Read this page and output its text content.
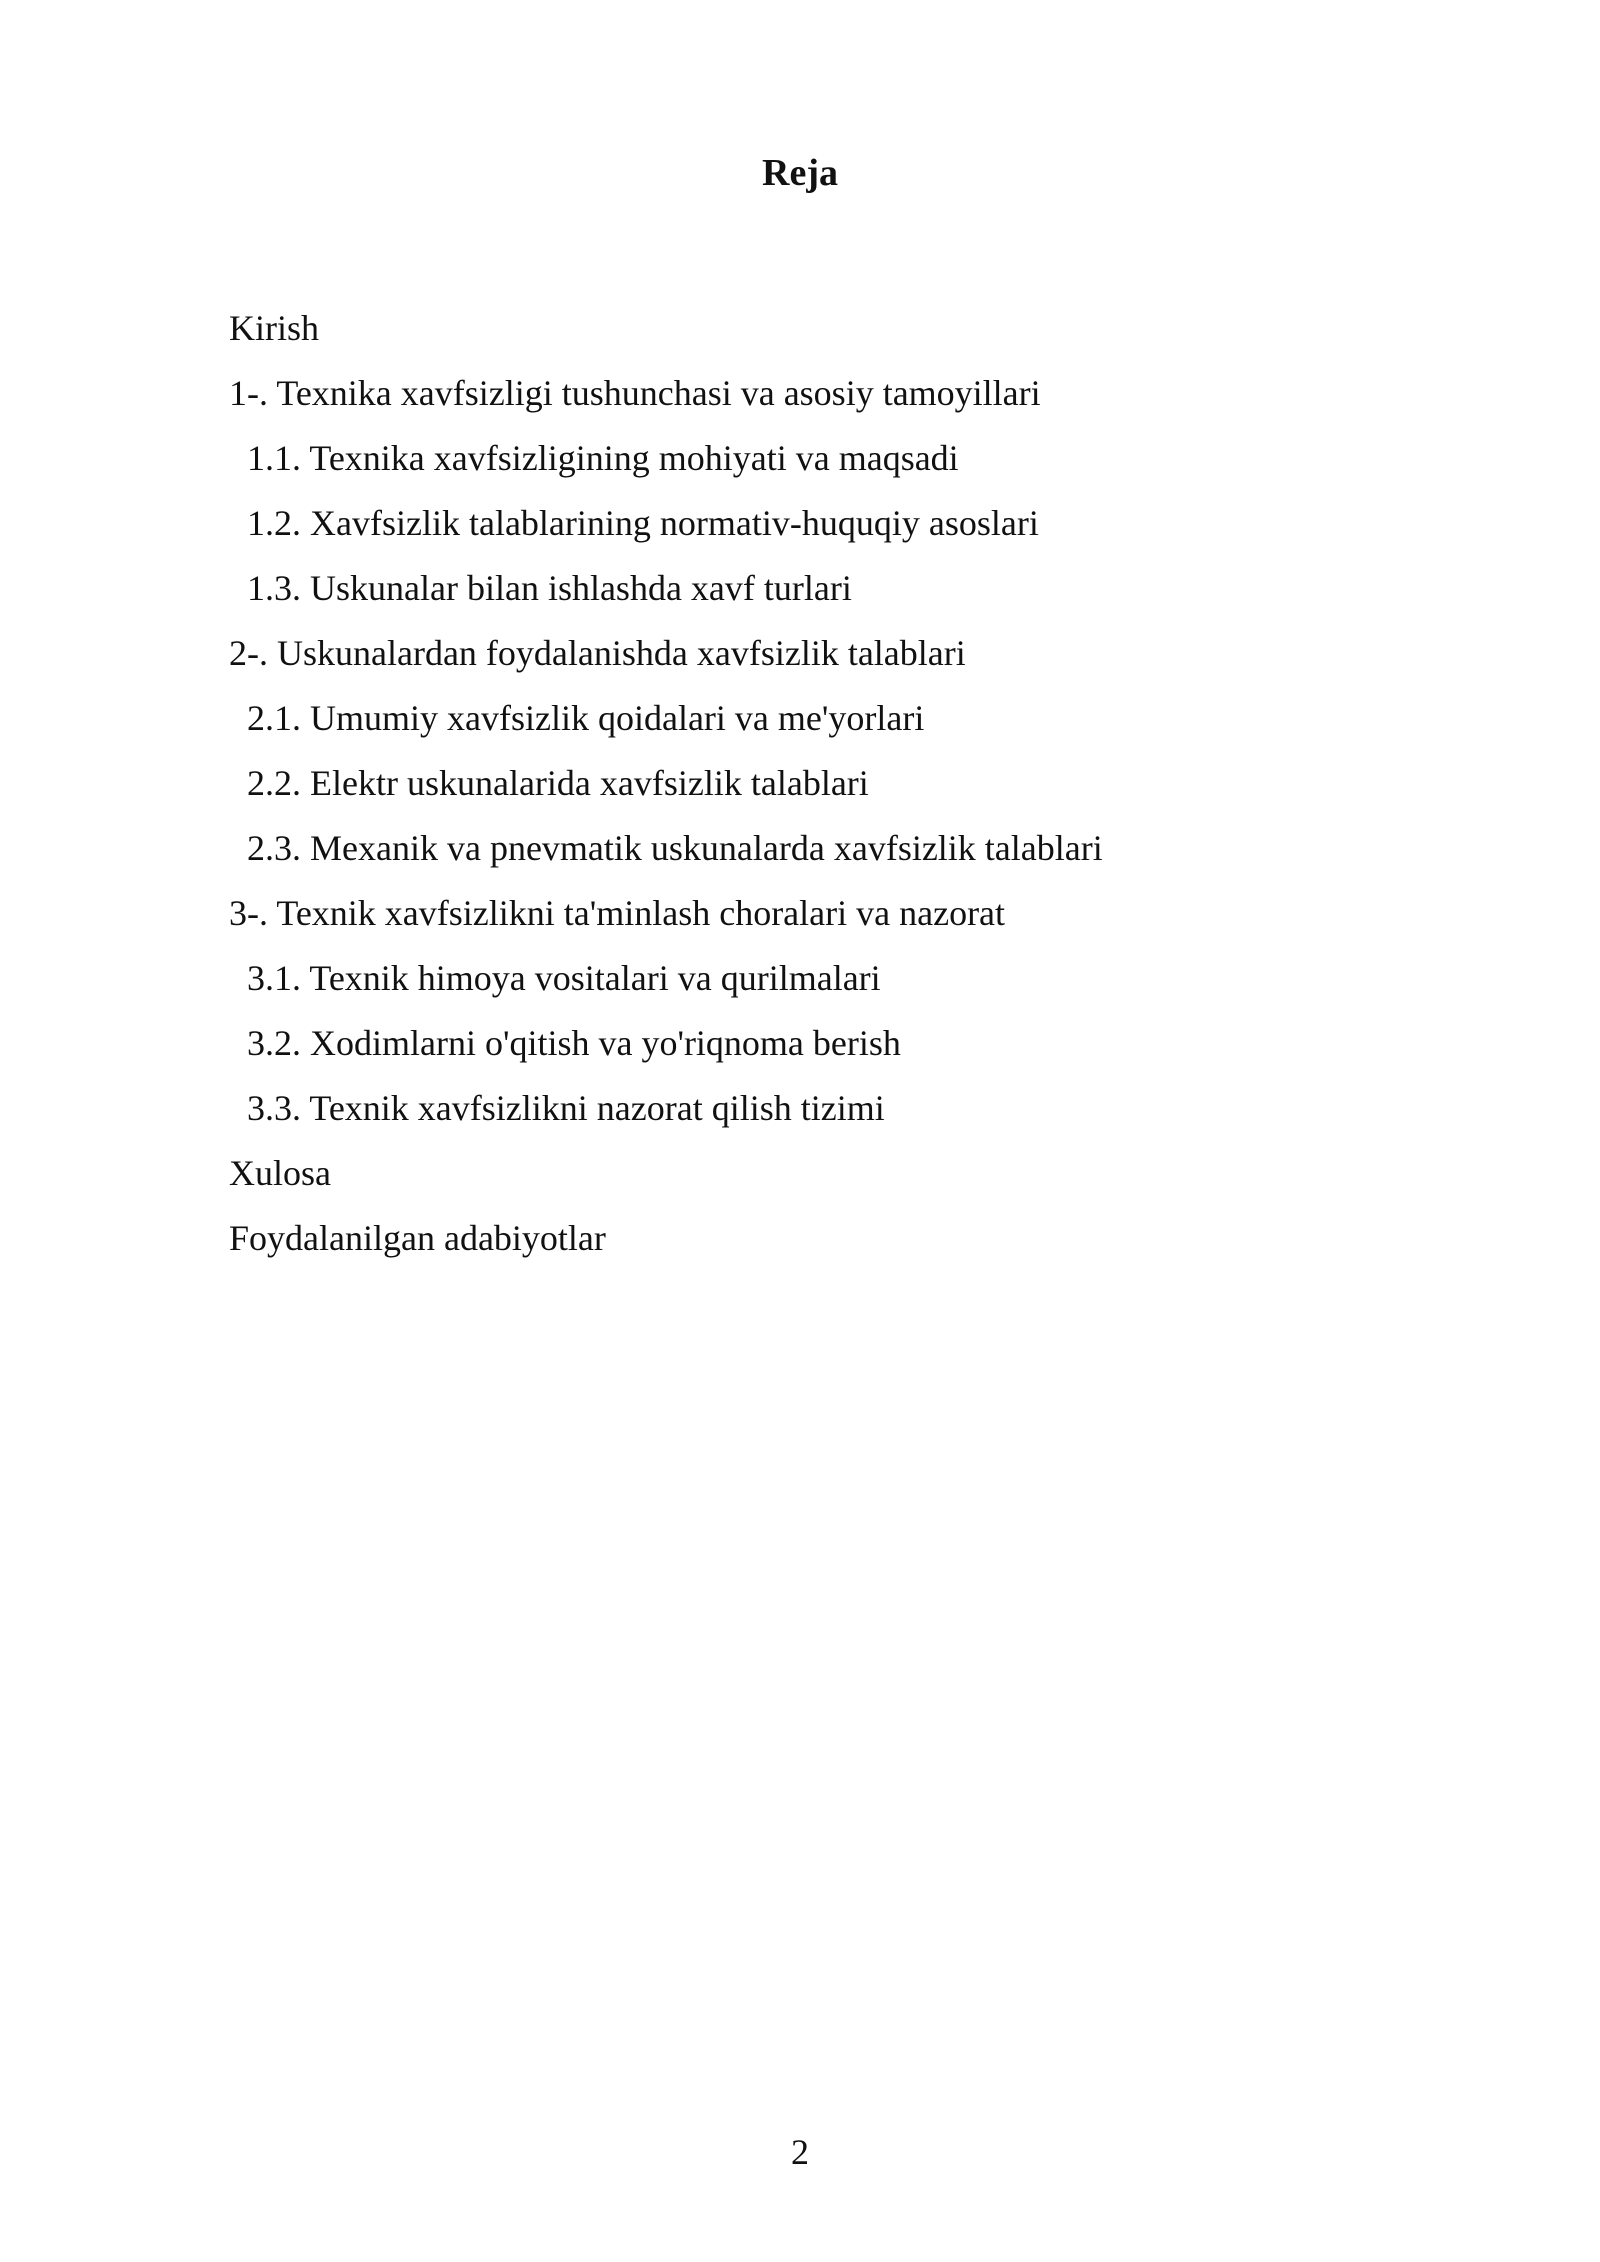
Reja
Kirish
1-. Texnika xavfsizligi tushunchasi va asosiy tamoyillari
1.1. Texnika xavfsizligining mohiyati va maqsadi
1.2. Xavfsizlik talablarining normativ-huquqiy asoslari
1.3. Uskunalar bilan ishlashda xavf turlari
2-. Uskunalardan foydalanishda xavfsizlik talablari
2.1. Umumiy xavfsizlik qoidalari va me'yorlari
2.2. Elektr uskunalarida xavfsizlik talablari
2.3. Mexanik va pnevmatik uskunalarda xavfsizlik talablari
3-. Texnik xavfsizlikni ta'minlash choralari va nazorat
3.1. Texnik himoya vositalari va qurilmalari
3.2. Xodimlarni o'qitish va yo'riqnoma berish
3.3. Texnik xavfsizlikni nazorat qilish tizimi
Xulosa
Foydalanilgan adabiyotlar
2
